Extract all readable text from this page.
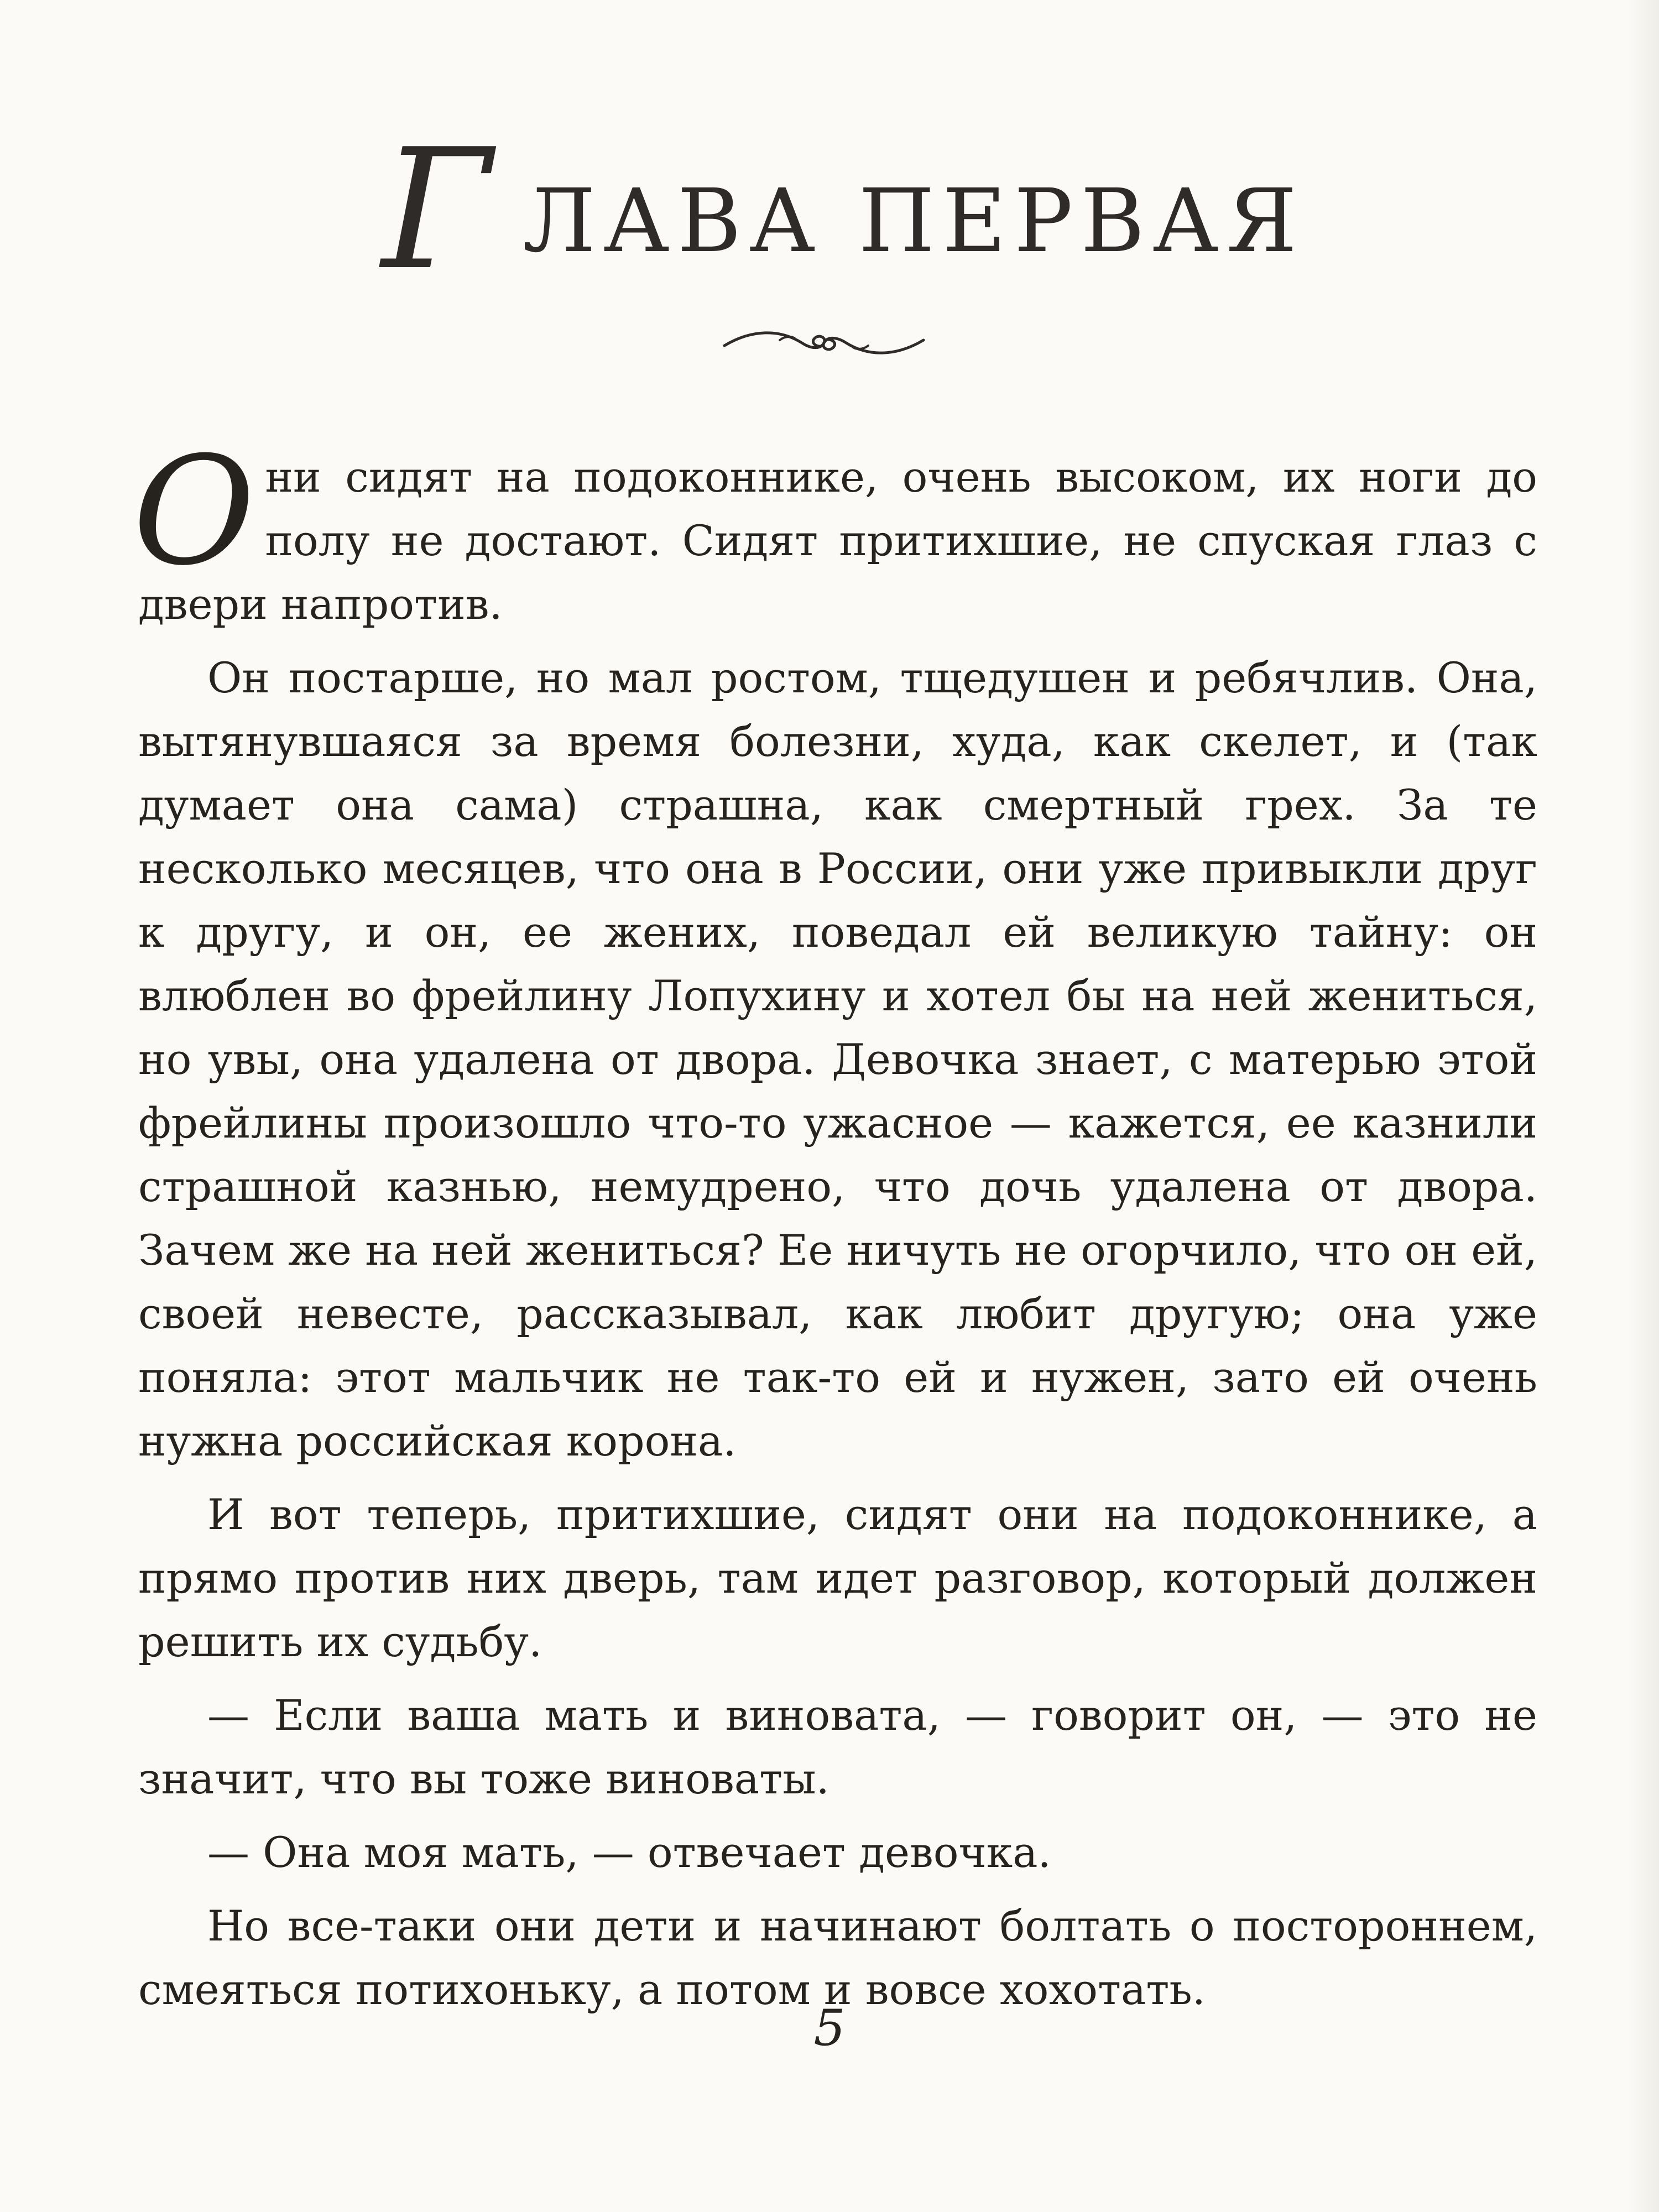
Г ЛАВА ПЕРВАЯ

Они сидят на подоконнике, очень высоком, их ноги до полу не достают. Сидят притихшие, не спуская глаз с двери напротив.

Он постарше, но мал ростом, тщедушен и ребячлив. Она, вытянувшаяся за время болезни, худа, как скелет, и (так думает она сама) страшна, как смертный грех. За те несколько месяцев, что она в России, они уже привыкли друг к другу, и он, ее жених, поведал ей великую тайну: он влюблен во фрейлину Лопухину и хотел бы на ней жениться, но увы, она удалена от двора. Девочка знает, с матерью этой фрейлины произошло что-то ужасное — кажется, ее казнили страшной казнью, немудрено, что дочь удалена от двора. Зачем же на ней жениться? Ее ничуть не огорчило, что он ей, своей невесте, рассказывал, как любит другую; она уже поняла: этот мальчик не так-то ей и нужен, зато ей очень нужна российская корона.

И вот теперь, притихшие, сидят они на подоконнике, а прямо против них дверь, там идет разговор, который должен решить их судьбу.

— Если ваша мать и виновата, — говорит он, — это не значит, что вы тоже виноваты.

— Она моя мать, — отвечает девочка.

Но все-таки они дети и начинают болтать о постороннем, смеяться потихоньку, а потом и вовсе хохотать.

5
